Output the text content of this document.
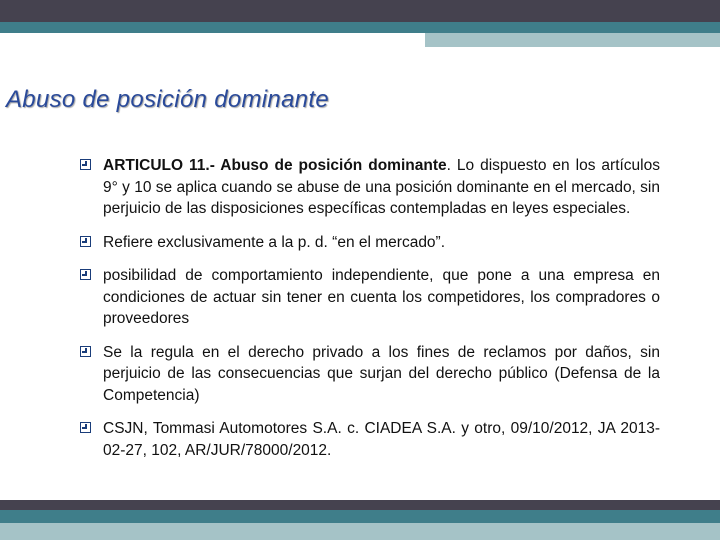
Abuso de posición dominante
ARTICULO 11.- Abuso de posición dominante. Lo dispuesto en los artículos 9° y 10 se aplica cuando se abuse de una posición dominante en el mercado, sin perjuicio de las disposiciones específicas contempladas en leyes especiales.
Refiere exclusivamente a la p. d. “en el mercado”.
posibilidad de comportamiento independiente, que pone a una empresa en condiciones de actuar sin tener en cuenta los competidores, los compradores o proveedores
Se la regula en el derecho privado a los fines de reclamos por daños, sin perjuicio de las consecuencias que surjan del derecho público (Defensa de la Competencia)
CSJN, Tommasi Automotores S.A. c. CIADEA S.A. y otro, 09/10/2012, JA 2013-02-27, 102, AR/JUR/78000/2012.
